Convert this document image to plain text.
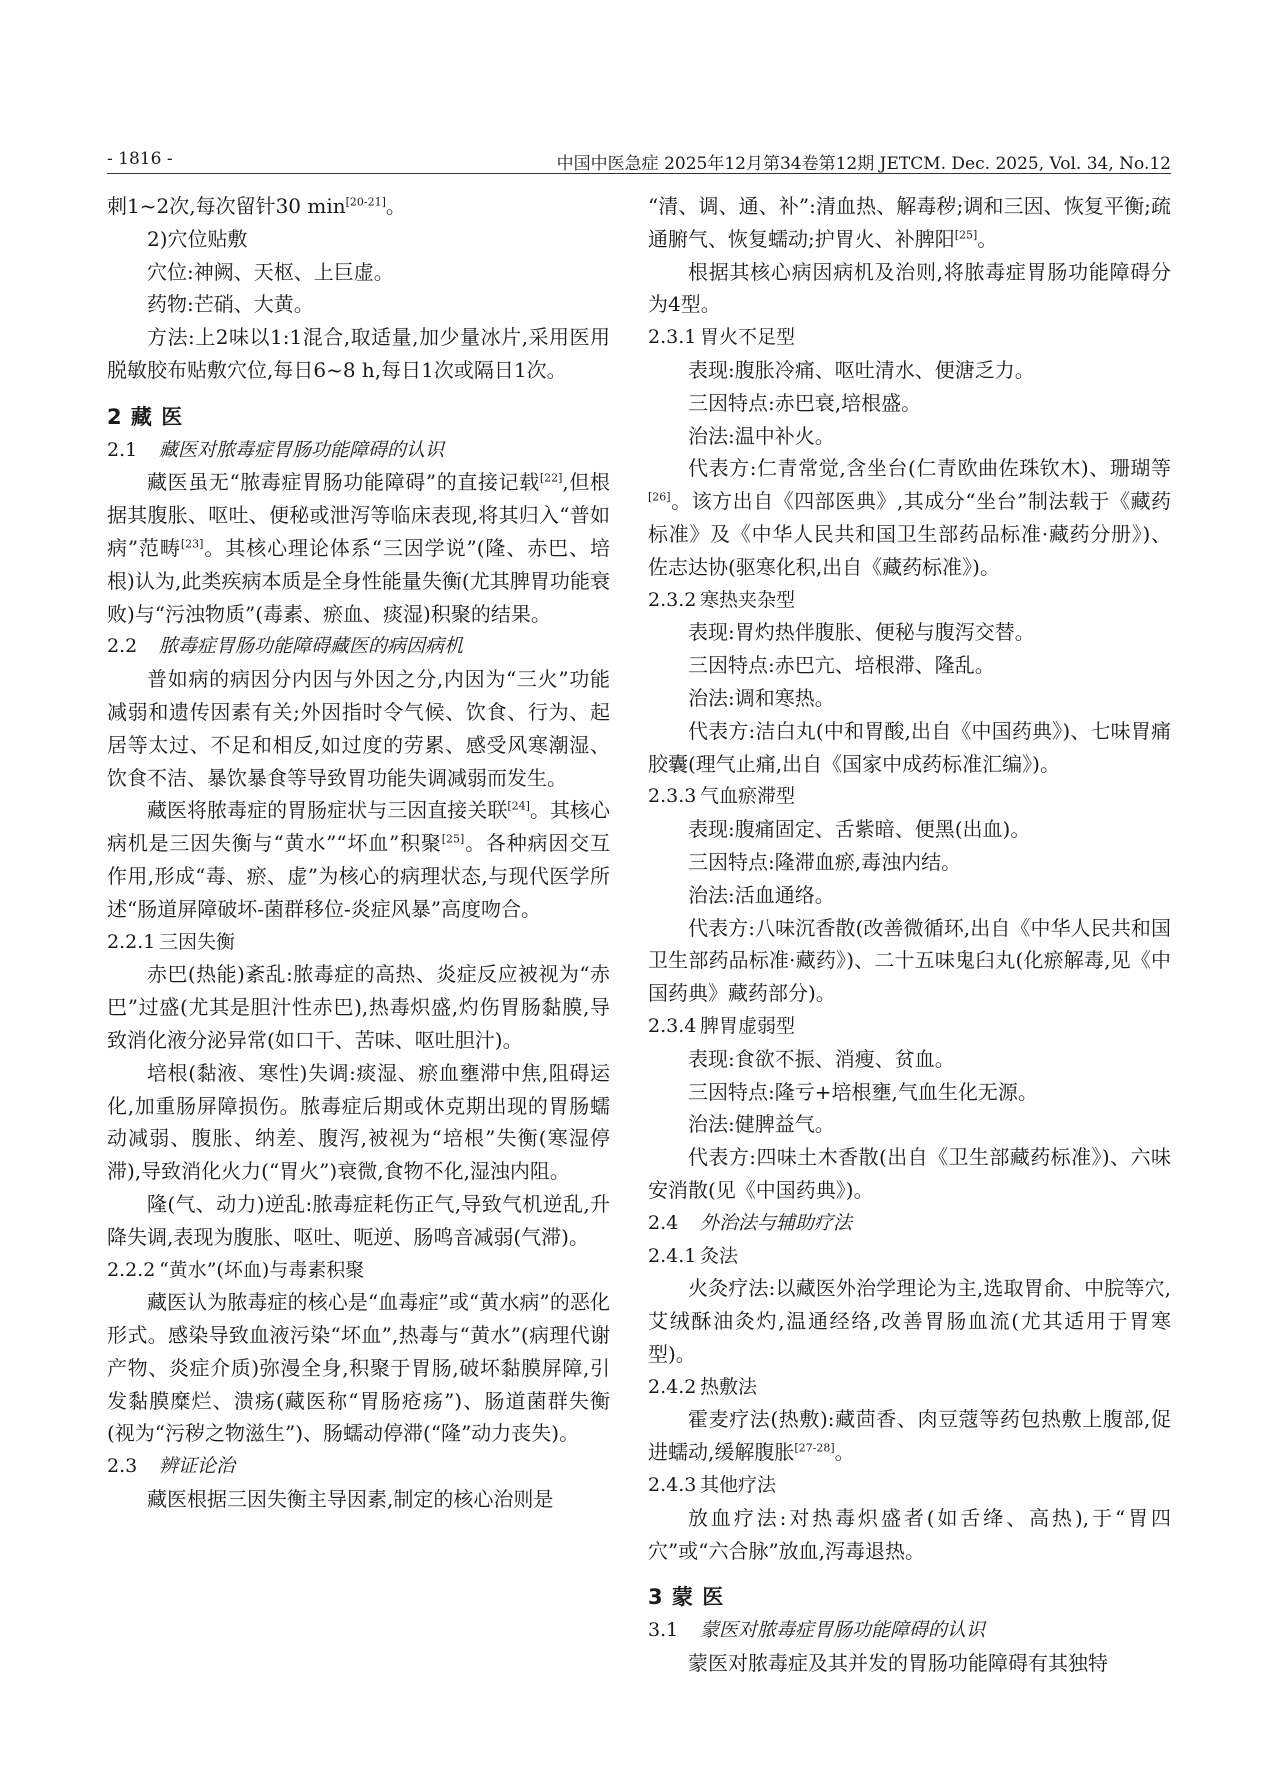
- 1816 -	中国中医急症 2025年12月第34卷第12期 JETCM. Dec. 2025, Vol. 34, No.12

刺1~2次,每次留针30 min[20-21]。

2)穴位贴敷

穴位:神阙、天枢、上巨虚。

药物:芒硝、大黄。

方法:上2味以1:1混合,取适量,加少量冰片,采用医用脱敏胶布贴敷穴位,每日6~8 h,每日1次或隔日1次。

2 藏 医

2.1 藏医对脓毒症胃肠功能障碍的认识

藏医虽无“脓毒症胃肠功能障碍”的直接记载[22],但根据其腹胀、呕吐、便秘或泄泻等临床表现,将其归入“普如病”范畴[23]。其核心理论体系“三因学说”(隆、赤巴、培根)认为,此类疾病本质是全身性能量失衡(尤其脾胃功能衰败)与“污浊物质”(毒素、瘀血、痰湿)积聚的结果。

2.2 脓毒症胃肠功能障碍藏医的病因病机

普如病的病因分内因与外因之分,内因为“三火”功能减弱和遗传因素有关;外因指时令气候、饮食、行为、起居等太过、不足和相反,如过度的劳累、感受风寒潮湿、饮食不洁、暴饮暴食等导致胃功能失调减弱而发生。

藏医将脓毒症的胃肠症状与三因直接关联[24]。其核心病机是三因失衡与“黄水”“坏血”积聚[25]。各种病因交互作用,形成“毒、瘀、虚”为核心的病理状态,与现代医学所述“肠道屏障破坏-菌群移位-炎症风暴”高度吻合。

2.2.1 三因失衡

赤巴(热能)紊乱:脓毒症的高热、炎症反应被视为“赤巴”过盛(尤其是胆汁性赤巴),热毒炽盛,灼伤胃肠黏膜,导致消化液分泌异常(如口干、苦味、呕吐胆汁)。

培根(黏液、寒性)失调:痰湿、瘀血壅滞中焦,阻碍运化,加重肠屏障损伤。脓毒症后期或休克期出现的胃肠蠕动减弱、腹胀、纳差、腹泻,被视为“培根”失衡(寒湿停滞),导致消化火力(“胃火”)衰微,食物不化,湿浊内阻。

隆(气、动力)逆乱:脓毒症耗伤正气,导致气机逆乱,升降失调,表现为腹胀、呕吐、呃逆、肠鸣音减弱(气滞)。

2.2.2 “黄水”(坏血)与毒素积聚

藏医认为脓毒症的核心是“血毒症”或“黄水病”的恶化形式。感染导致血液污染“坏血”,热毒与“黄水”(病理代谢产物、炎症介质)弥漫全身,积聚于胃肠,破坏黏膜屏障,引发黏膜糜烂、溃疡(藏医称“胃肠疮疡”)、肠道菌群失衡(视为“污秽之物滋生”)、肠蠕动停滞(“隆”动力丧失)。

2.3 辨证论治

藏医根据三因失衡主导因素,制定的核心治则是

“清、调、通、补”:清血热、解毒秽;调和三因、恢复平衡;疏通腑气、恢复蠕动;护胃火、补脾阳[25]。

根据其核心病因病机及治则,将脓毒症胃肠功能障碍分为4型。

2.3.1 胃火不足型

表现:腹胀冷痛、呕吐清水、便溏乏力。

三因特点:赤巴衰,培根盛。

治法:温中补火。

代表方:仁青常觉,含坐台(仁青欧曲佐珠钦木)、珊瑚等[26]。该方出自《四部医典》,其成分“坐台”制法载于《藏药标准》及《中华人民共和国卫生部药品标准·藏药分册》)、佐志达协(驱寒化积,出自《藏药标准》)。

2.3.2 寒热夹杂型

表现:胃灼热伴腹胀、便秘与腹泻交替。

三因特点:赤巴亢、培根滞、隆乱。

治法:调和寒热。

代表方:洁白丸(中和胃酸,出自《中国药典》)、七味胃痛胶囊(理气止痛,出自《国家中成药标准汇编》)。

2.3.3 气血瘀滞型

表现:腹痛固定、舌紫暗、便黑(出血)。

三因特点:隆滞血瘀,毒浊内结。

治法:活血通络。

代表方:八味沉香散(改善微循环,出自《中华人民共和国卫生部药品标准·藏药》)、二十五味鬼臼丸(化瘀解毒,见《中国药典》藏药部分)。

2.3.4 脾胃虚弱型

表现:食欲不振、消瘦、贫血。

三因特点:隆亏+培根壅,气血生化无源。

治法:健脾益气。

代表方:四味土木香散(出自《卫生部藏药标准》)、六味安消散(见《中国药典》)。

2.4 外治法与辅助疗法

2.4.1 灸法

火灸疗法:以藏医外治学理论为主,选取胃俞、中脘等穴,艾绒酥油灸灼,温通经络,改善胃肠血流(尤其适用于胃寒型)。

2.4.2 热敷法

霍麦疗法(热敷):藏茴香、肉豆蔻等药包热敷上腹部,促进蠕动,缓解腹胀[27-28]。

2.4.3 其他疗法

放血疗法:对热毒炽盛者(如舌绛、高热),于“胃四穴”或“六合脉”放血,泻毒退热。

3 蒙 医

3.1 蒙医对脓毒症胃肠功能障碍的认识

蒙医对脓毒症及其并发的胃肠功能障碍有其独特
